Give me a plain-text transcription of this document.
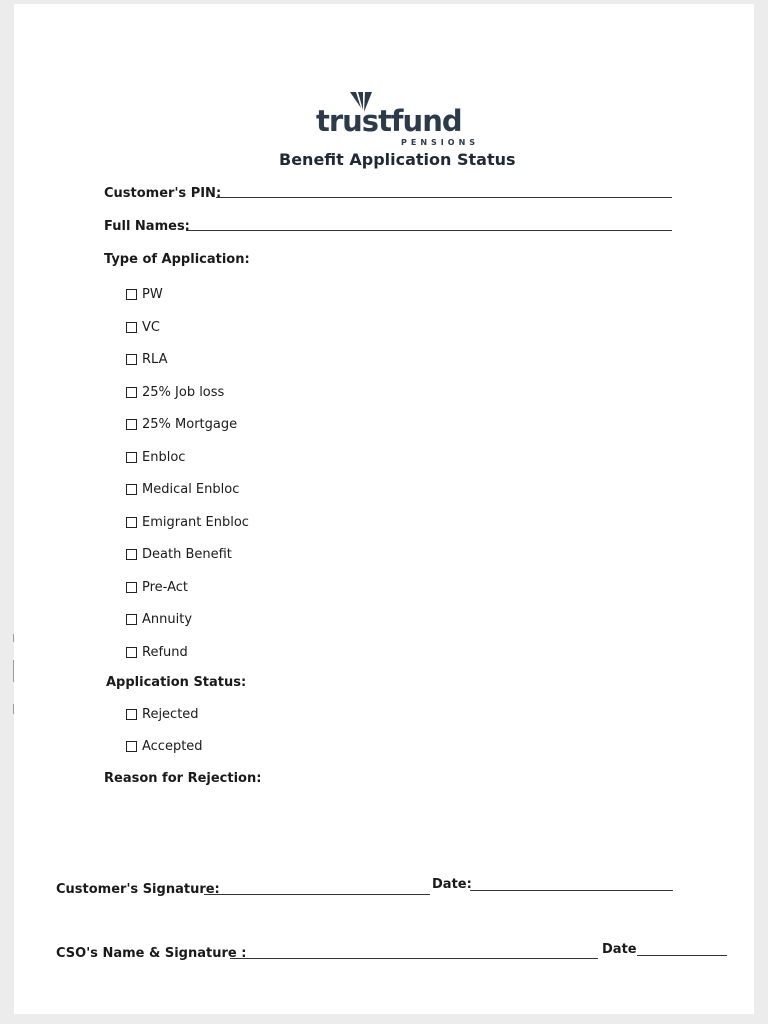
trustfund
PENSIONS
Benefit Application Status
Customer's PIN:
Full Names:
Type of Application:
PW
VC
RLA
25% Job loss
25% Mortgage
Enbloc
Medical Enbloc
Emigrant Enbloc
Death Benefit
Pre-Act
Annuity
Refund
Application Status:
Rejected
Accepted
Reason for Rejection:
Customer's Signature:	Date:
CSO's Name & Signature :	Date
